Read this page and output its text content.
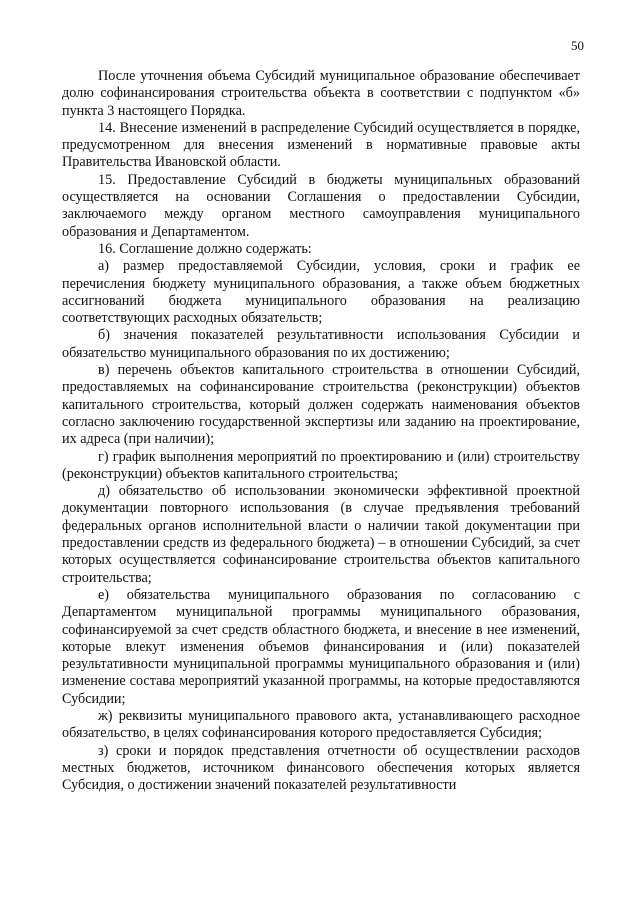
50

После уточнения объема Субсидий муниципальное образование обеспечивает долю софинансирования строительства объекта в соответствии с подпунктом «б» пункта 3 настоящего Порядка.

14. Внесение изменений в распределение Субсидий осуществляется в порядке, предусмотренном для внесения изменений в нормативные правовые акты Правительства Ивановской области.

15. Предоставление Субсидий в бюджеты муниципальных образований осуществляется на основании Соглашения о предоставлении Субсидии, заключаемого между органом местного самоуправления муниципального образования и Департаментом.

16. Соглашение должно содержать:

а) размер предоставляемой Субсидии, условия, сроки и график ее перечисления бюджету муниципального образования, а также объем бюджетных ассигнований бюджета муниципального образования на реализацию соответствующих расходных обязательств;

б) значения показателей результативности использования Субсидии и обязательство муниципального образования по их достижению;

в) перечень объектов капитального строительства в отношении Субсидий, предоставляемых на софинансирование строительства (реконструкции) объектов капитального строительства, который должен содержать наименования объектов согласно заключению государственной экспертизы или заданию на проектирование, их адреса (при наличии);

г) график выполнения мероприятий по проектированию и (или) строительству (реконструкции) объектов капитального строительства;

д) обязательство об использовании экономически эффективной проектной документации повторного использования (в случае предъявления требований федеральных органов исполнительной власти о наличии такой документации при предоставлении средств из федерального бюджета) – в отношении Субсидий, за счет которых осуществляется софинансирование строительства объектов капитального строительства;

е) обязательства муниципального образования по согласованию с Департаментом муниципальной программы муниципального образования, софинансируемой за счет средств областного бюджета, и внесение в нее изменений, которые влекут изменения объемов финансирования и (или) показателей результативности муниципальной программы муниципального образования и (или) изменение состава мероприятий указанной программы, на которые предоставляются Субсидии;

ж) реквизиты муниципального правового акта, устанавливающего расходное обязательство, в целях софинансирования которого предоставляется Субсидия;

з) сроки и порядок представления отчетности об осуществлении расходов местных бюджетов, источником финансового обеспечения которых является Субсидия, о достижении значений показателей результативности
